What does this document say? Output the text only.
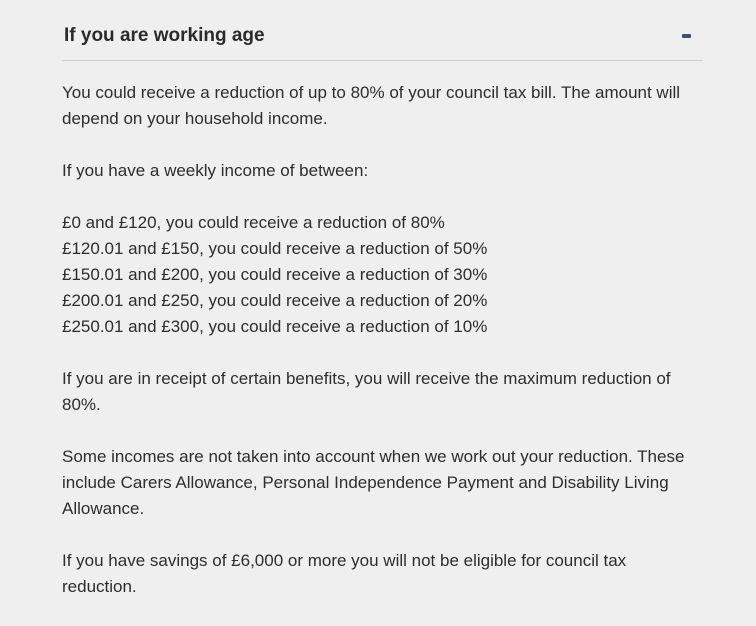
If you are working age

You could receive a reduction of up to 80% of your council tax bill. The amount will depend on your household income.

If you have a weekly income of between:

£0 and £120, you could receive a reduction of 80%
£120.01 and £150, you could receive a reduction of 50%
£150.01 and £200, you could receive a reduction of 30%
£200.01 and £250, you could receive a reduction of 20%
£250.01 and £300, you could receive a reduction of 10%

If you are in receipt of certain benefits, you will receive the maximum reduction of 80%.

Some incomes are not taken into account when we work out your reduction. These include Carers Allowance, Personal Independence Payment and Disability Living Allowance.

If you have savings of £6,000 or more you will not be eligible for council tax reduction.
